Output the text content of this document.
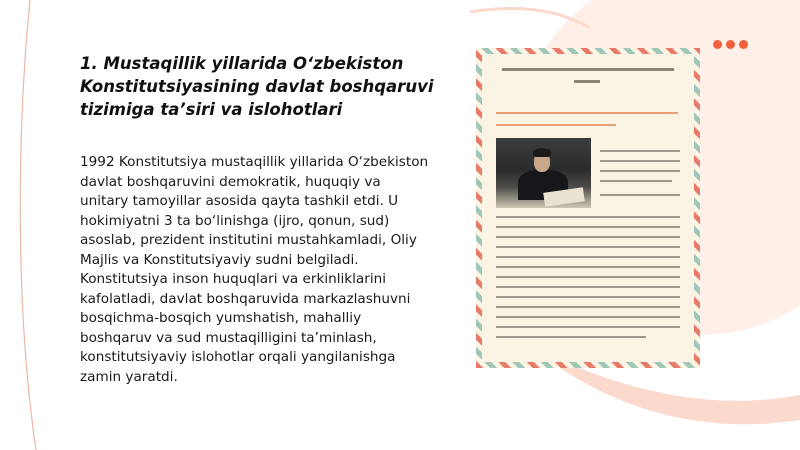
1. Mustaqillik yillarida O‘zbekiston Konstitutsiyasining davlat boshqaruvi tizimiga ta’siri va islohotlari

1992 Konstitutsiya mustaqillik yillarida O‘zbekiston davlat boshqaruvini demokratik, huquqiy va unitary tamoyillar asosida qayta tashkil etdi. U hokimiyatni 3 ta bo‘linishga (ijro, qonun, sud) asoslab, prezident institutini mustahkamladi, Oliy Majlis va Konstitutsiyaviy sudni belgiladi. Konstitutsiya inson huquqlari va erkinliklarini kafolatladi, davlat boshqaruvida markazlashuvni bosqichma-bosqich yumshatish, mahalliy boshqaruv va sud mustaqilligini ta’minlash, konstitutsiyaviy islohotlar orqali yangilanishga zamin yaratdi.
